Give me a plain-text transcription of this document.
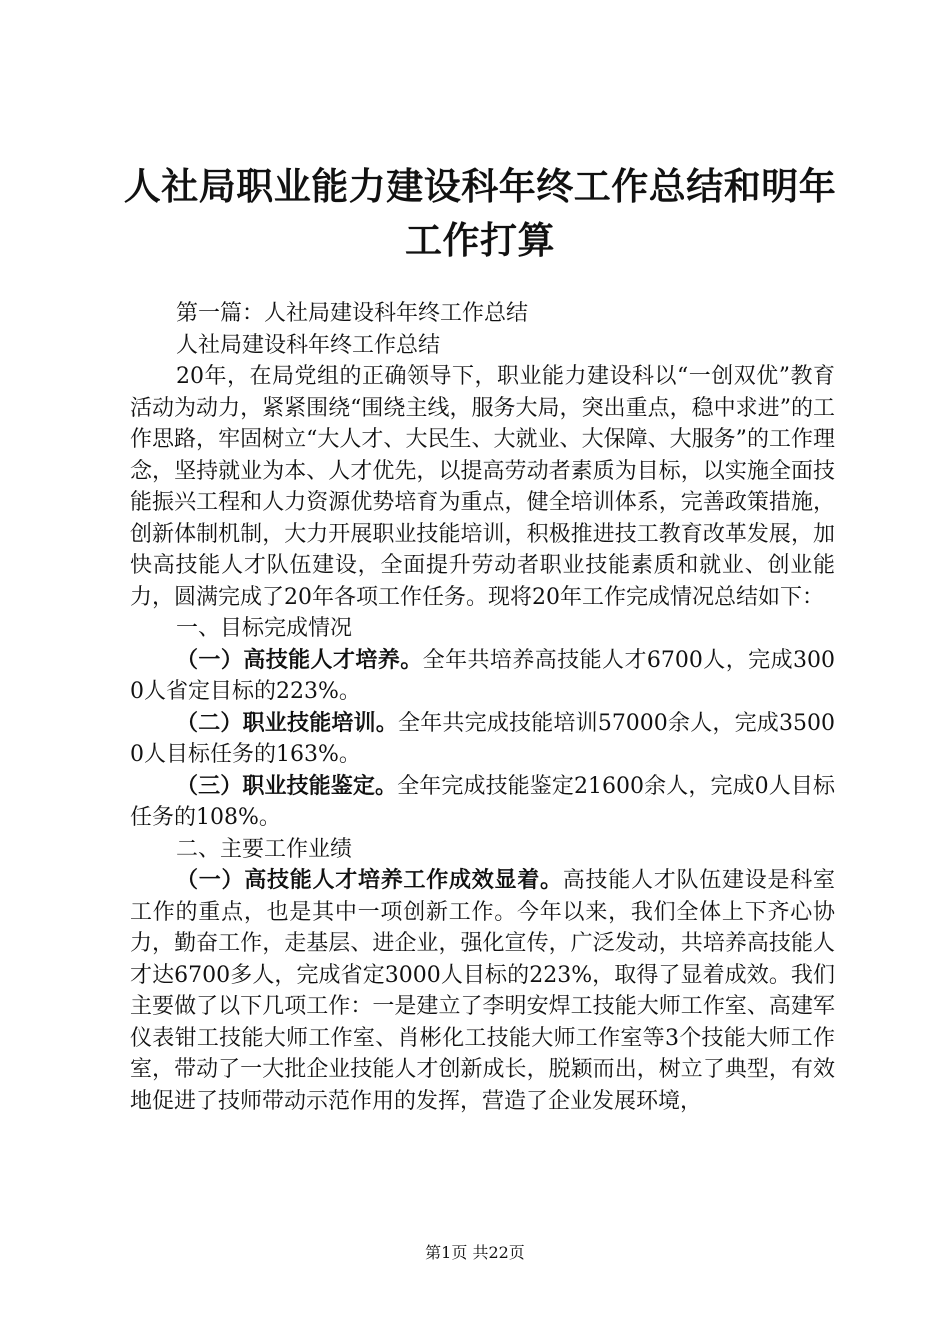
人社局职业能力建设科年终工作总结和明年工作打算

第一篇：人社局建设科年终工作总结

人社局建设科年终工作总结

20年，在局党组的正确领导下，职业能力建设科以“一创双优”教育活动为动力，紧紧围绕“围绕主线，服务大局，突出重点，稳中求进”的工作思路，牢固树立“大人才、大民生、大就业、大保障、大服务”的工作理念，坚持就业为本、人才优先，以提高劳动者素质为目标，以实施全面技能振兴工程和人力资源优势培育为重点，健全培训体系，完善政策措施，创新体制机制，大力开展职业技能培训，积极推进技工教育改革发展，加快高技能人才队伍建设，全面提升劳动者职业技能素质和就业、创业能力，圆满完成了20年各项工作任务。现将20年工作完成情况总结如下：

一、目标完成情况

（一）高技能人才培养。全年共培养高技能人才6700人，完成3000人省定目标的223%。

（二）职业技能培训。全年共完成技能培训57000余人，完成35000人目标任务的163%。

（三）职业技能鉴定。全年完成技能鉴定21600余人，完成0人目标任务的108%。

二、主要工作业绩

（一）高技能人才培养工作成效显着。高技能人才队伍建设是科室工作的重点，也是其中一项创新工作。今年以来，我们全体上下齐心协力，勤奋工作，走基层、进企业，强化宣传，广泛发动，共培养高技能人才达6700多人，完成省定3000人目标的223%，取得了显着成效。我们主要做了以下几项工作：一是建立了李明安焊工技能大师工作室、高建军仪表钳工技能大师工作室、肖彬化工技能大师工作室等3个技能大师工作室，带动了一大批企业技能人才创新成长，脱颖而出，树立了典型，有效地促进了技师带动示范作用的发挥，营造了企业发展环境，

第1页 共22页
